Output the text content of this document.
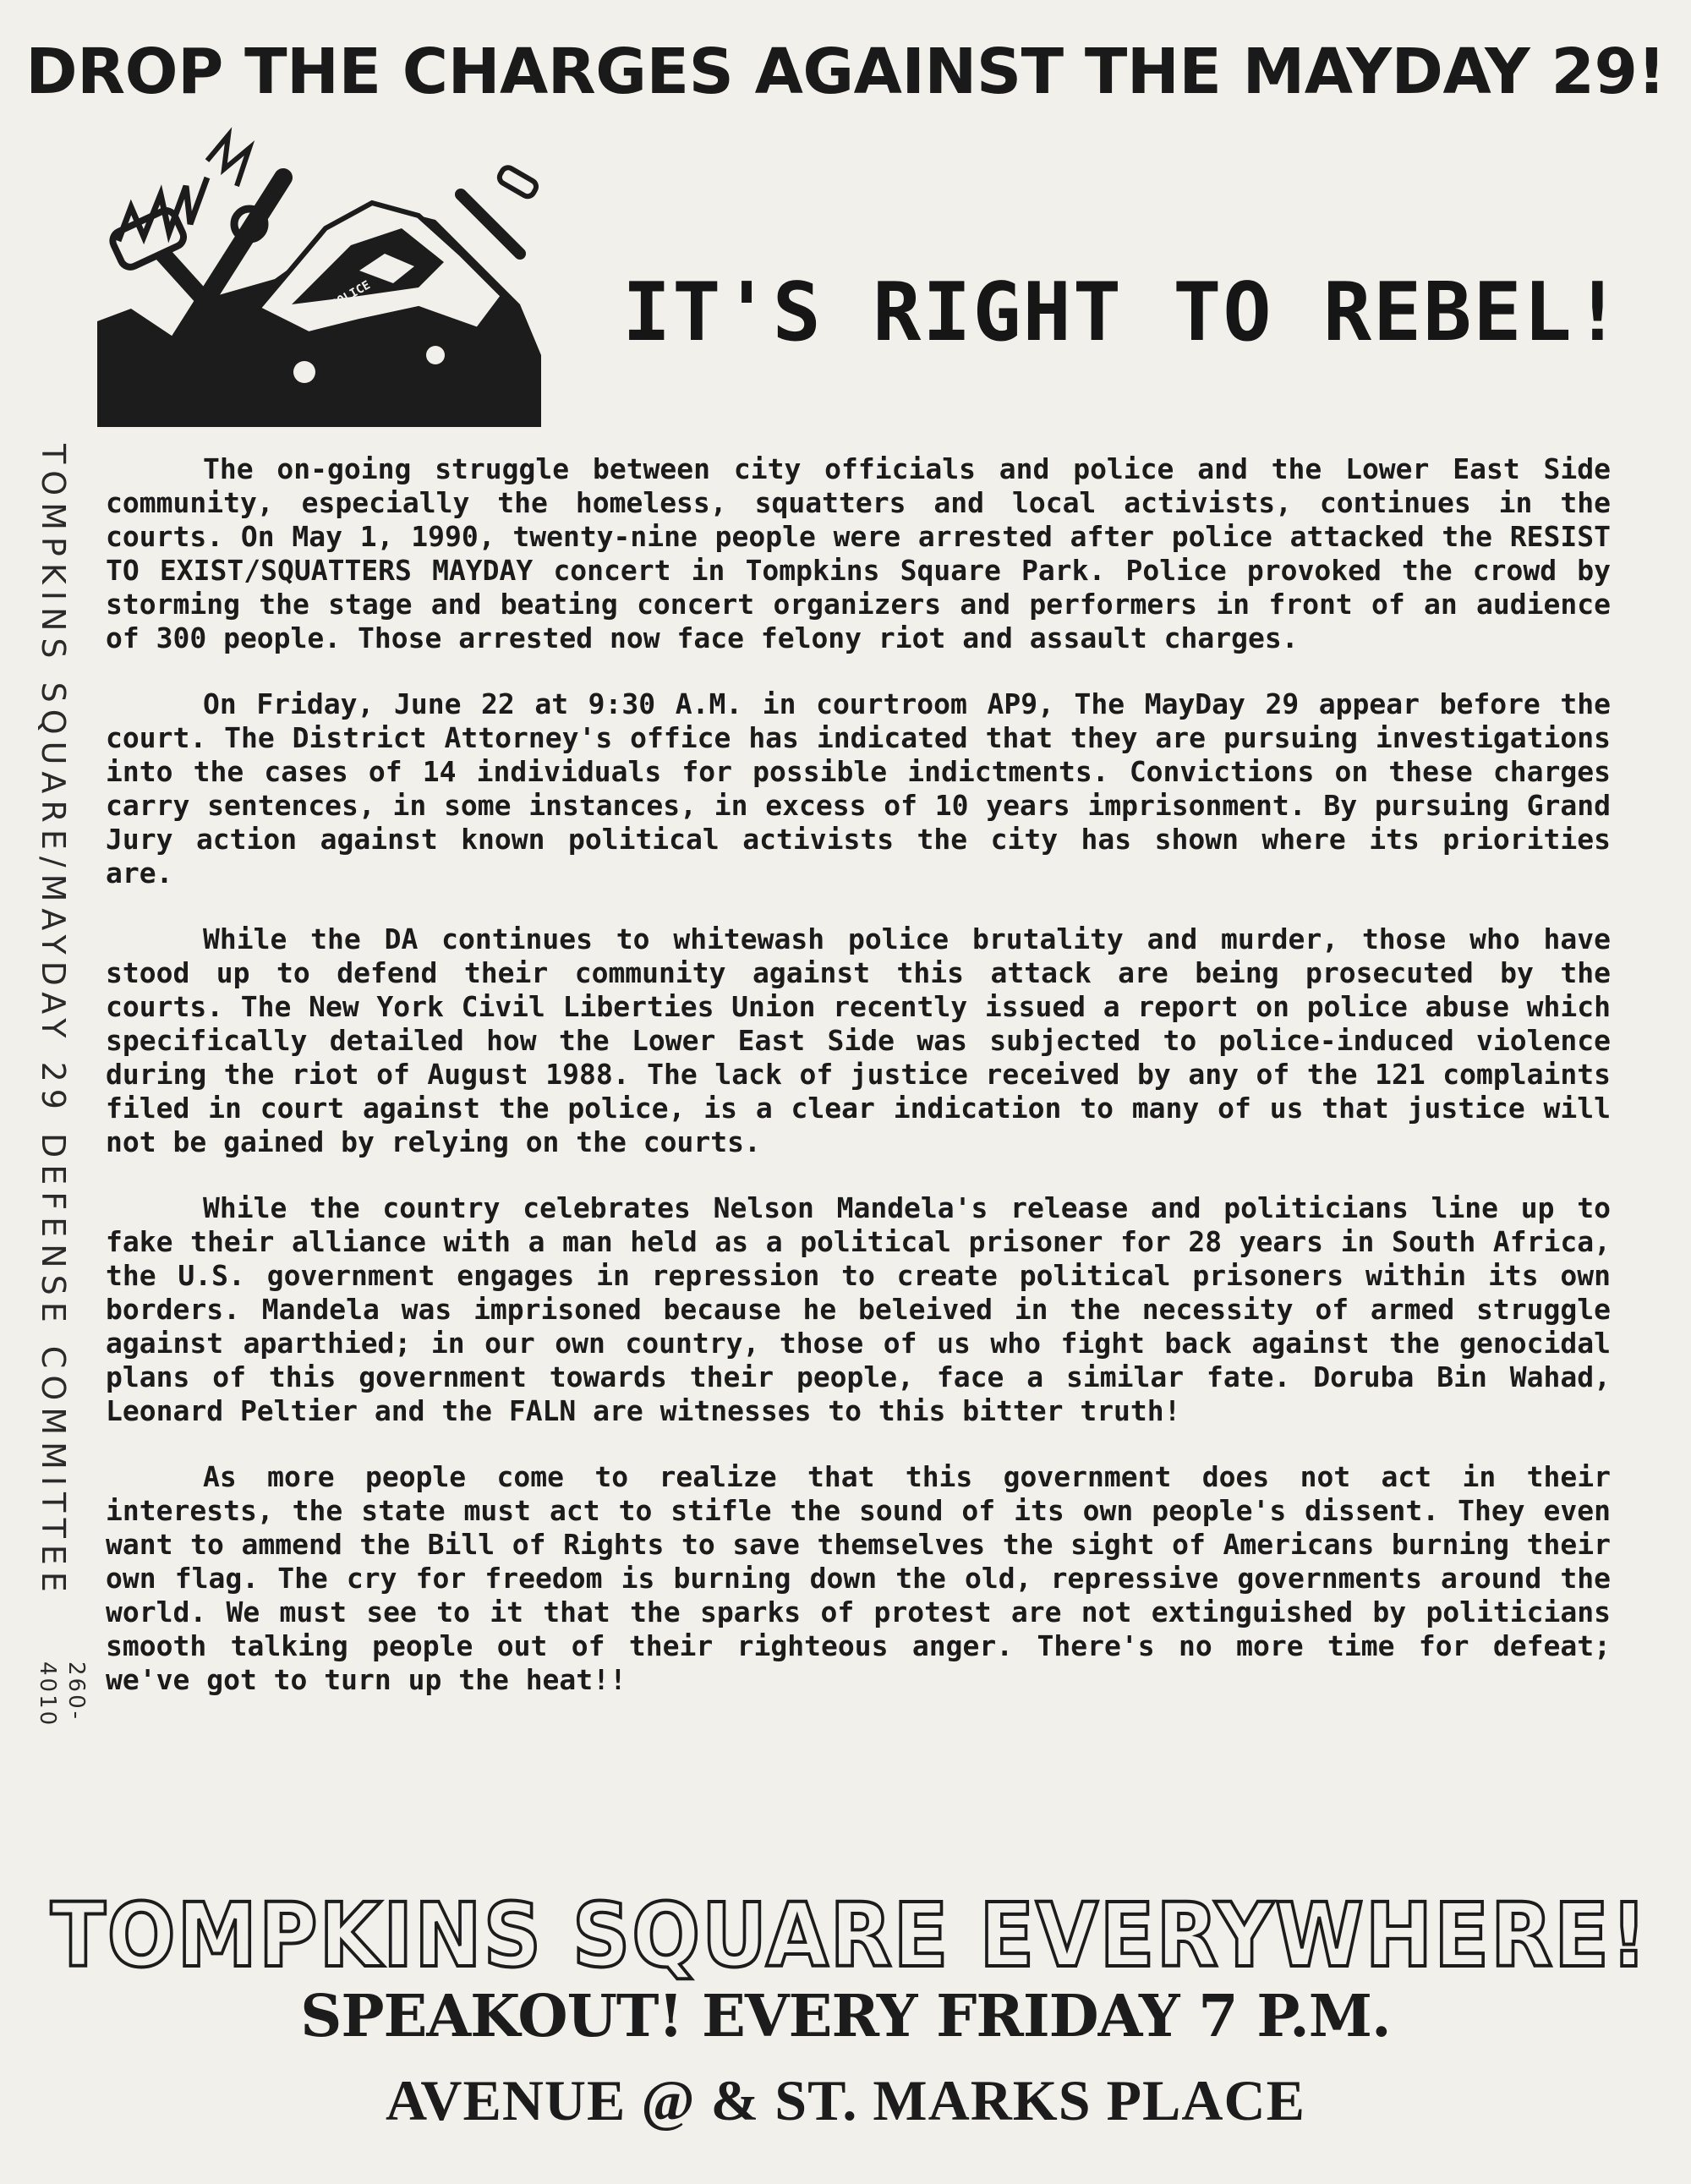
DROP THE CHARGES AGAINST THE MAYDAY 29!
POLICE	IT'S RIGHT TO REBEL!
TOMPKINS SQUARE/MAYDAY 29 DEFENSE COMMITTEE
260-
4010

The on-going struggle between city officials and police and the Lower East Side community, especially the homeless, squatters and local activists, continues in the courts. On May 1, 1990, twenty-nine people were arrested after police attacked the RESIST TO EXIST/SQUATTERS MAYDAY concert in Tompkins Square Park. Police provoked the crowd by storming the stage and beating concert organizers and performers in front of an audience of 300 people. Those arrested now face felony riot and assault charges.

On Friday, June 22 at 9:30 A.M. in courtroom AP9, The MayDay 29 appear before the court. The District Attorney's office has indicated that they are pursuing investigations into the cases of 14 individuals for possible indictments. Convictions on these charges carry sentences, in some instances, in excess of 10 years imprisonment. By pursuing Grand Jury action against known political activists the city has shown where its priorities are.

While the DA continues to whitewash police brutality and murder, those who have stood up to defend their community against this attack are being prosecuted by the courts. The New York Civil Liberties Union recently issued a report on police abuse which specifically detailed how the Lower East Side was subjected to police-induced violence during the riot of August 1988. The lack of justice received by any of the 121 complaints filed in court against the police, is a clear indication to many of us that justice will not be gained by relying on the courts.

While the country celebrates Nelson Mandela's release and politicians line up to fake their alliance with a man held as a political prisoner for 28 years in South Africa, the U.S. government engages in repression to create political prisoners within its own borders. Mandela was imprisoned because he beleived in the necessity of armed struggle against aparthied; in our own country, those of us who fight back against the genocidal plans of this government towards their people, face a similar fate. Doruba Bin Wahad, Leonard Peltier and the FALN are witnesses to this bitter truth!

As more people come to realize that this government does not act in their interests, the state must act to stifle the sound of its own people's dissent. They even want to ammend the Bill of Rights to save themselves the sight of Americans burning their own flag. The cry for freedom is burning down the old, repressive governments around the world. We must see to it that the sparks of protest are not extinguished by politicians smooth talking people out of their righteous anger. There's no more time for defeat; we've got to turn up the heat!!

TOMPKINS SQUARE EVERYWHERE!
SPEAKOUT! EVERY FRIDAY 7 P.M.
AVENUE @ & ST. MARKS PLACE
